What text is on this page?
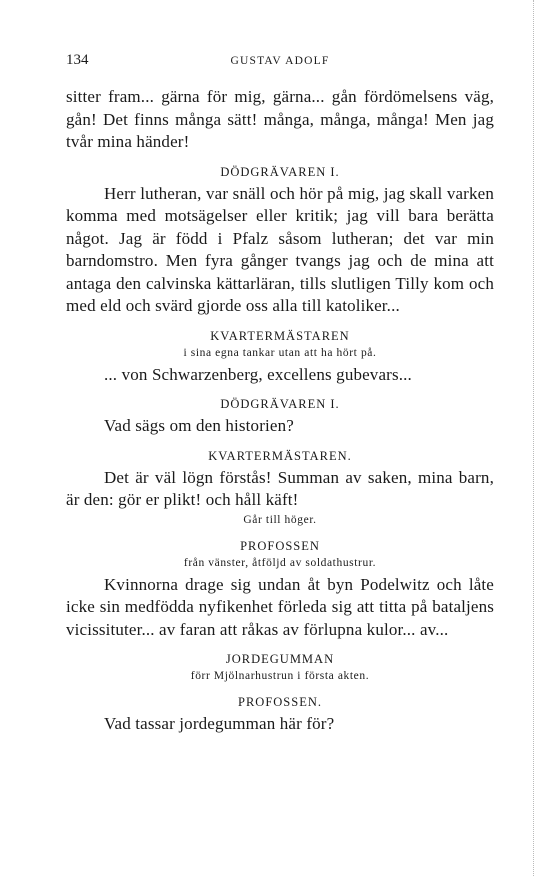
134	GUSTAV ADOLF

sitter fram... gärna för mig, gärna... gån fördömelsens väg, gån! Det finns många sätt! många, många, många! Men jag tvår mina händer!

DÖDGRÄVAREN I.

Herr lutheran, var snäll och hör på mig, jag skall varken komma med motsägelser eller kritik; jag vill bara berätta något. Jag är född i Pfalz såsom lutheran; det var min barndomstro. Men fyra gånger tvangs jag och de mina att antaga den calvinska kättarläran, tills slutligen Tilly kom och med eld och svärd gjorde oss alla till katoliker...

KVARTERMÄSTAREN
i sina egna tankar utan att ha hört på.

... von Schwarzenberg, excellens gubevars...

DÖDGRÄVAREN I.

Vad sägs om den historien?

KVARTERMÄSTAREN.

Det är väl lögn förstås! Summan av saken, mina barn, är den: gör er plikt! och håll käft!

Går till höger.
PROFOSSEN
från vänster, åtföljd av soldathustrur.

Kvinnorna drage sig undan åt byn Podelwitz och låte icke sin medfödda nyfikenhet förleda sig att titta på bataljens vicissituter... av faran att råkas av förlupna kulor... av...

JORDEGUMMAN
förr Mjölnarhustrun i första akten.
PROFOSSEN.

Vad tassar jordegumman här för?
